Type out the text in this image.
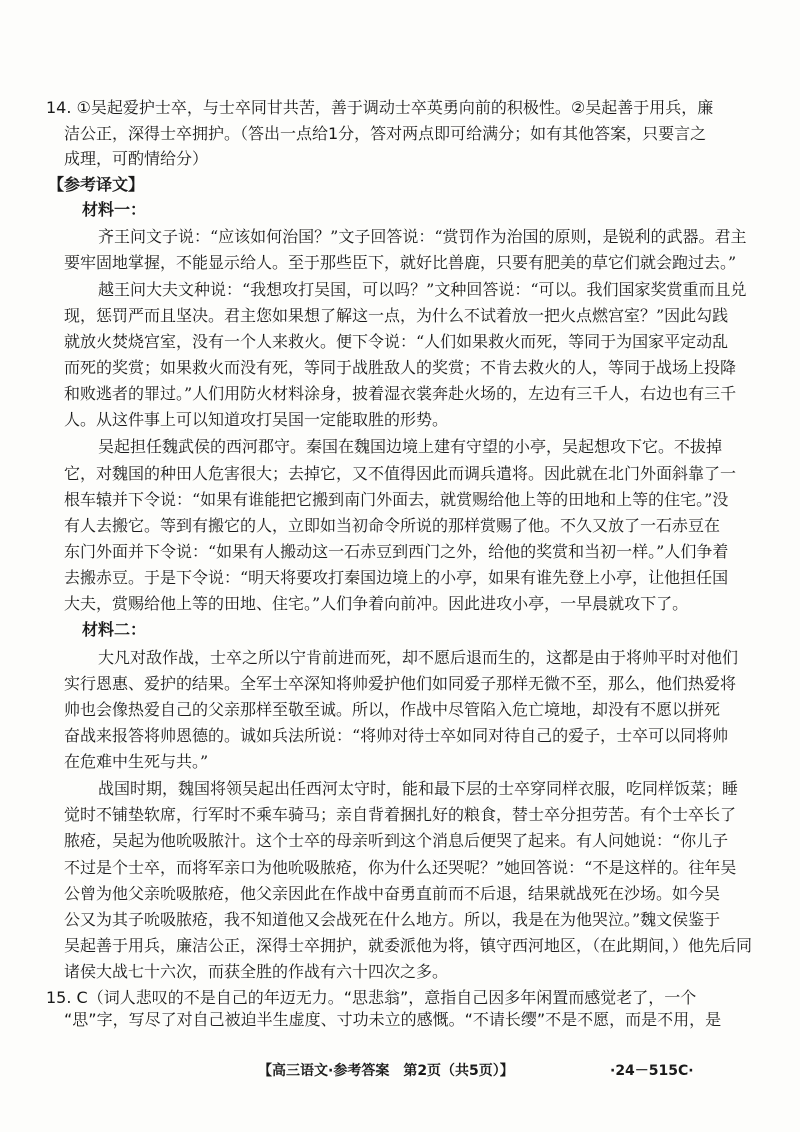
14. ①吴起爱护士卒，与士卒同甘共苦，善于调动士卒英勇向前的积极性。②吴起善于用兵，廉
洁公正，深得士卒拥护。（答出一点给1分，答对两点即可给满分；如有其他答案，只要言之
成理，可酌情给分）
【参考译文】
材料一：
齐王问文子说：“应该如何治国？”文子回答说：“赏罚作为治国的原则，是锐利的武器。君主
要牢固地掌握，不能显示给人。至于那些臣下，就好比兽鹿，只要有肥美的草它们就会跑过去。”
越王问大夫文种说：“我想攻打吴国，可以吗？”文种回答说：“可以。我们国家奖赏重而且兑
现，惩罚严而且坚决。君主您如果想了解这一点，为什么不试着放一把火点燃宫室？”因此勾践
就放火焚烧宫室，没有一个人来救火。便下令说：“人们如果救火而死，等同于为国家平定动乱
而死的奖赏；如果救火而没有死，等同于战胜敌人的奖赏；不肯去救火的人，等同于战场上投降
和败逃者的罪过。”人们用防火材料涂身，披着湿衣裳奔赴火场的，左边有三千人，右边也有三千
人。从这件事上可以知道攻打吴国一定能取胜的形势。
吴起担任魏武侯的西河郡守。秦国在魏国边境上建有守望的小亭，吴起想攻下它。不拔掉
它，对魏国的种田人危害很大；去掉它，又不值得因此而调兵遣将。因此就在北门外面斜靠了一
根车辕并下令说：“如果有谁能把它搬到南门外面去，就赏赐给他上等的田地和上等的住宅。”没
有人去搬它。等到有搬它的人，立即如当初命令所说的那样赏赐了他。不久又放了一石赤豆在
东门外面并下令说：“如果有人搬动这一石赤豆到西门之外，给他的奖赏和当初一样。”人们争着
去搬赤豆。于是下令说：“明天将要攻打秦国边境上的小亭，如果有谁先登上小亭，让他担任国
大夫，赏赐给他上等的田地、住宅。”人们争着向前冲。因此进攻小亭，一早晨就攻下了。
材料二：
大凡对敌作战，士卒之所以宁肯前进而死，却不愿后退而生的，这都是由于将帅平时对他们
实行恩惠、爱护的结果。全军士卒深知将帅爱护他们如同爱子那样无微不至，那么，他们热爱将
帅也会像热爱自己的父亲那样至敬至诚。所以，作战中尽管陷入危亡境地，却没有不愿以拼死
奋战来报答将帅恩德的。诚如兵法所说：“将帅对待士卒如同对待自己的爱子，士卒可以同将帅
在危难中生死与共。”
战国时期，魏国将领吴起出任西河太守时，能和最下层的士卒穿同样衣服，吃同样饭菜；睡
觉时不铺垫软席，行军时不乘车骑马；亲自背着捆扎好的粮食，替士卒分担劳苦。有个士卒长了
脓疮，吴起为他吮吸脓汁。这个士卒的母亲听到这个消息后便哭了起来。有人问她说：“你儿子
不过是个士卒，而将军亲口为他吮吸脓疮，你为什么还哭呢？”她回答说：“不是这样的。往年吴
公曾为他父亲吮吸脓疮，他父亲因此在作战中奋勇直前而不后退，结果就战死在沙场。如今吴
公又为其子吮吸脓疮，我不知道他又会战死在什么地方。所以，我是在为他哭泣。”魏文侯鉴于
吴起善于用兵，廉洁公正，深得士卒拥护，就委派他为将，镇守西河地区，（在此期间，）他先后同
诸侯大战七十六次，而获全胜的作战有六十四次之多。
15. C（词人悲叹的不是自己的年迈无力。“思悲翁”，意指自己因多年闲置而感觉老了，一个
“思”字，写尽了对自己被迫半生虚度、寸功未立的感慨。“不请长缨”不是不愿，而是不用，是
【高三语文·参考答案　第2页（共5页）】	·24－515C·
